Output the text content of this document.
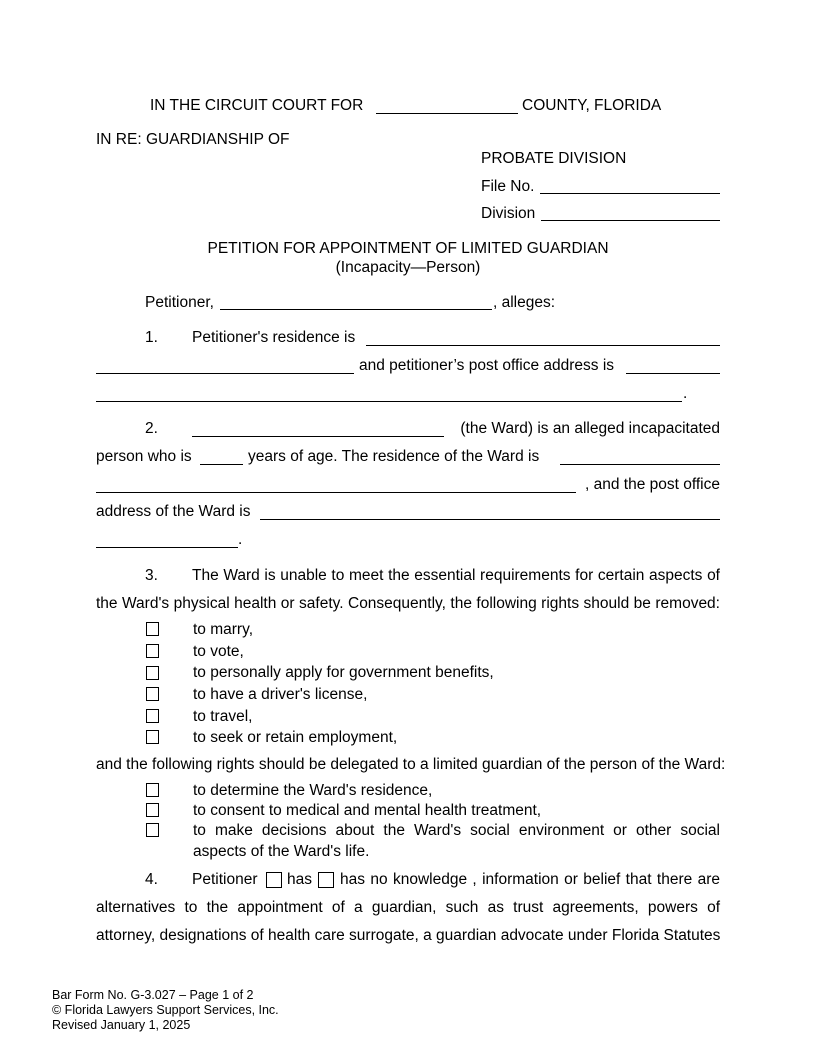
IN THE CIRCUIT COURT FOR	COUNTY, FLORIDA
IN RE: GUARDIANSHIP OF
PROBATE DIVISION
File No.
Division
PETITION FOR APPOINTMENT OF LIMITED GUARDIAN
(Incapacity—Person)
Petitioner,	, alleges:
1. Petitioner's residence is
and petitioner’s post office address is
.
2.	(the Ward) is an alleged incapacitated
person who is	years of age. The residence of the Ward is
, and the post office
address of the Ward is
.
3. The Ward is unable to meet the essential requirements for certain aspects of
the Ward's physical health or safety. Consequently, the following rights should be removed:
to marry,
to vote,
to personally apply for government benefits,
to have a driver's license,
to travel,
to seek or retain employment,
and the following rights should be delegated to a limited guardian of the person of the Ward:
to determine the Ward's residence,
to consent to medical and mental health treatment,
to make decisions about the Ward's social environment or other social
aspects of the Ward's life.
4. Petitioner has has no knowledge , information or belief that there are
alternatives to the appointment of a guardian, such as trust agreements, powers of
attorney, designations of health care surrogate, a guardian advocate under Florida Statutes
Bar Form No. G-3.027 – Page 1 of 2
© Florida Lawyers Support Services, Inc.
Revised January 1, 2025
